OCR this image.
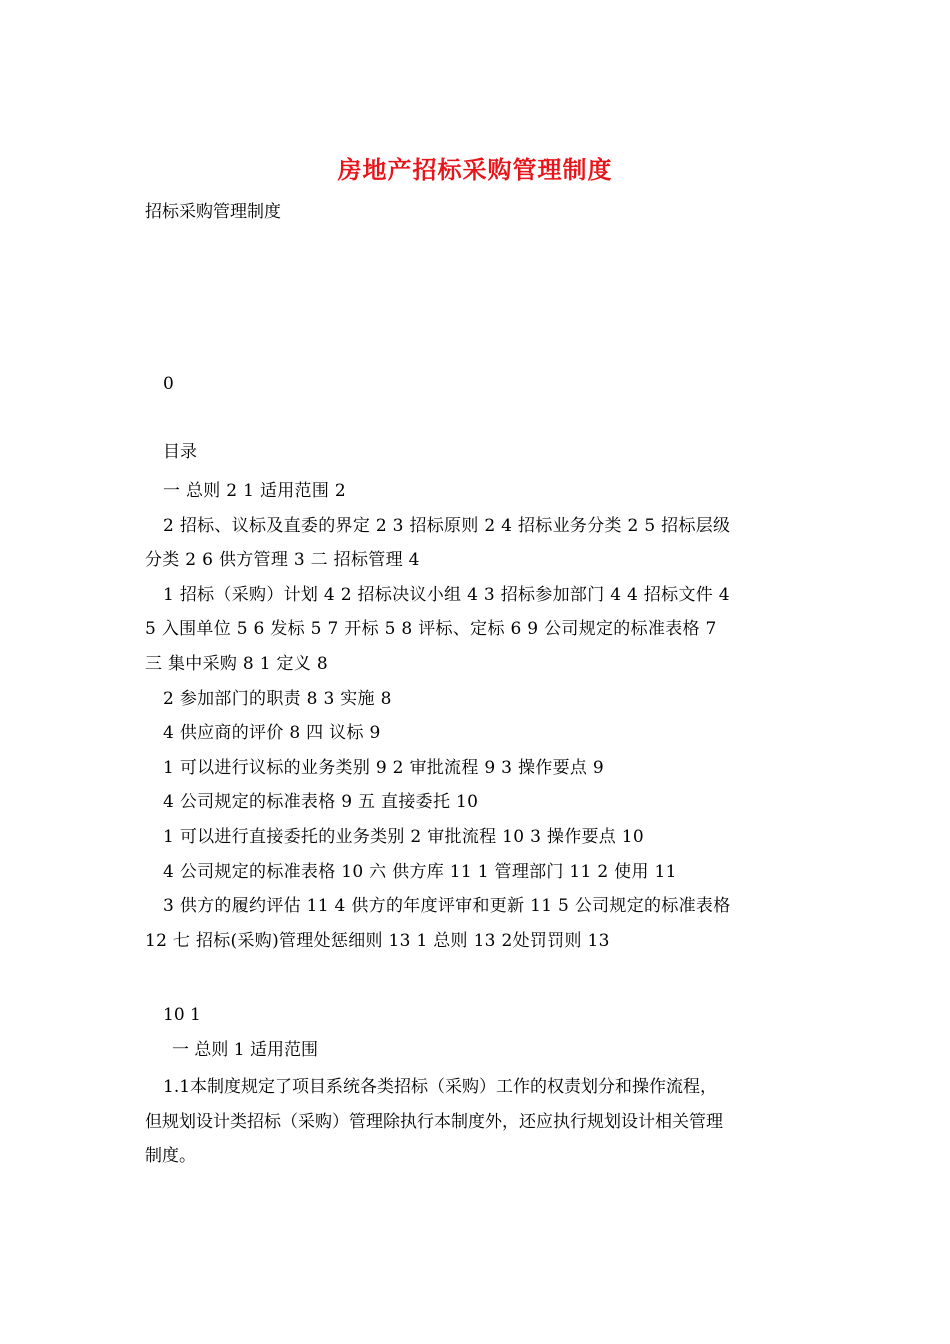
房地产招标采购管理制度
招标采购管理制度
0
目录
一 总则 2 1 适用范围 2
2 招标、议标及直委的界定 2 3 招标原则 2 4 招标业务分类 2 5 招标层级
分类 2 6 供方管理 3 二 招标管理 4
1 招标（采购）计划 4 2 招标决议小组 4 3 招标参加部门 4 4 招标文件 4
5 入围单位 5 6 发标 5 7 开标 5 8 评标、定标 6 9 公司规定的标准表格 7
三 集中采购 8 1 定义 8
2 参加部门的职责 8 3 实施 8
4 供应商的评价 8 四 议标 9
1 可以进行议标的业务类别 9 2 审批流程 9 3 操作要点 9
4 公司规定的标准表格 9 五 直接委托 10
1 可以进行直接委托的业务类别 2 审批流程 10 3 操作要点 10
4 公司规定的标准表格 10 六 供方库 11 1 管理部门 11 2 使用 11
3 供方的履约评估 11 4 供方的年度评审和更新 11 5 公司规定的标准表格
12 七 招标(采购)管理处惩细则 13 1 总则 13 2处罚罚则 13
10 1
一 总则 1 适用范围
1.1本制度规定了项目系统各类招标（采购）工作的权责划分和操作流程，
但规划设计类招标（采购）管理除执行本制度外，还应执行规划设计相关管理
制度。
